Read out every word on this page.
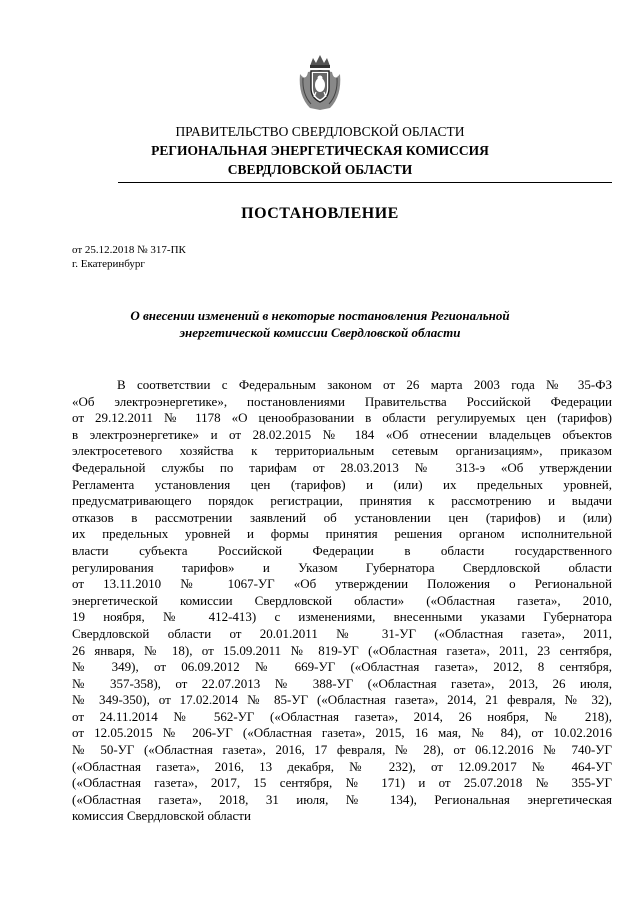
ПРАВИТЕЛЬСТВО СВЕРДЛОВСКОЙ ОБЛАСТИ
РЕГИОНАЛЬНАЯ ЭНЕРГЕТИЧЕСКАЯ КОМИССИЯ
СВЕРДЛОВСКОЙ ОБЛАСТИ
ПОСТАНОВЛЕНИЕ
от 25.12.2018 № 317-ПК
г. Екатеринбург
О внесении изменений в некоторые постановления Региональной
энергетической комиссии Свердловской области
В соответствии с Федеральным законом от 26 марта 2003 года № 35-ФЗ
«Об электроэнергетике», постановлениями Правительства Российской Федерации
от 29.12.2011 № 1178 «О ценообразовании в области регулируемых цен (тарифов)
в электроэнергетике» и от 28.02.2015 № 184 «Об отнесении владельцев объектов
электросетевого хозяйства к территориальным сетевым организациям», приказом
Федеральной службы по тарифам от 28.03.2013 № 313-э «Об утверждении
Регламента установления цен (тарифов) и (или) их предельных уровней,
предусматривающего порядок регистрации, принятия к рассмотрению и выдачи
отказов в рассмотрении заявлений об установлении цен (тарифов) и (или)
их предельных уровней и формы принятия решения органом исполнительной
власти субъекта Российской Федерации в области государственного
регулирования тарифов» и Указом Губернатора Свердловской области
от 13.11.2010 № 1067-УГ «Об утверждении Положения о Региональной
энергетической комиссии Свердловской области» («Областная газета», 2010,
19 ноября, № 412-413) с изменениями, внесенными указами Губернатора
Свердловской области от 20.01.2011 № 31-УГ («Областная газета», 2011,
26 января, № 18), от 15.09.2011 № 819-УГ («Областная газета», 2011, 23 сентября,
№ 349), от 06.09.2012 № 669-УГ («Областная газета», 2012, 8 сентября,
№ 357-358), от 22.07.2013 № 388-УГ («Областная газета», 2013, 26 июля,
№ 349-350), от 17.02.2014 № 85-УГ («Областная газета», 2014, 21 февраля, № 32),
от 24.11.2014 № 562-УГ («Областная газета», 2014, 26 ноября, № 218),
от 12.05.2015 № 206-УГ («Областная газета», 2015, 16 мая, № 84), от 10.02.2016
№ 50-УГ («Областная газета», 2016, 17 февраля, № 28), от 06.12.2016 № 740-УГ
(«Областная газета», 2016, 13 декабря, № 232), от 12.09.2017 № 464-УГ
(«Областная газета», 2017, 15 сентября, № 171) и от 25.07.2018 № 355-УГ
(«Областная газета», 2018, 31 июля, № 134), Региональная энергетическая
комиссия Свердловской области
